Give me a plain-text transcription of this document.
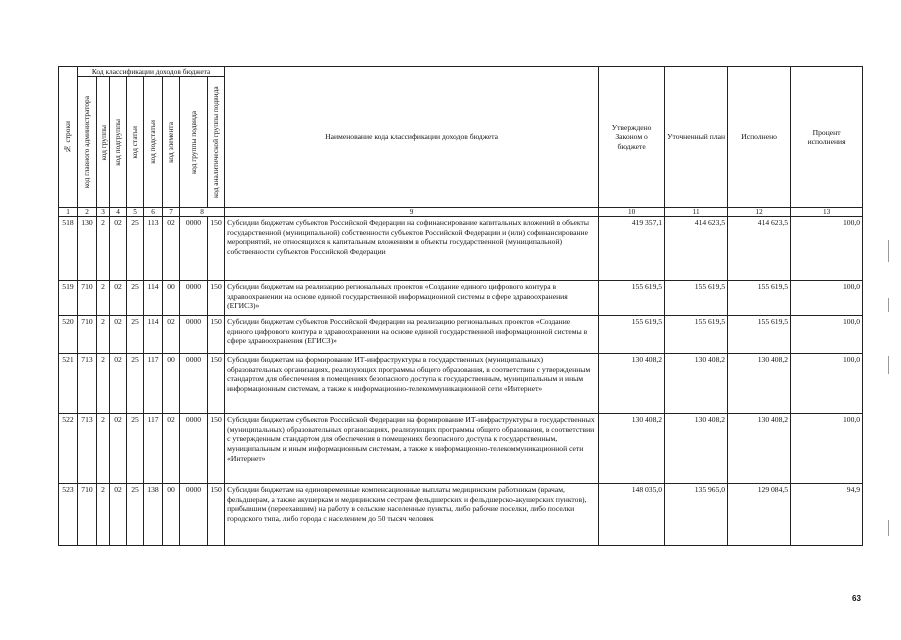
№ строки	Код классификации доходов бюджета								Наименование кода классификации доходов бюджета	Утверждено Законом о бюджете	Уточненный план	Исполнено	Процент исполнения

	код главного администратора	код группы	код подгруппы	код статьи	код подстатьи	код элемента	код группы подвида	код аналитической группы подвида					

1	2	3	4	5	6	7	8		9	10	11	12	13
518	130	2	02	25	113	02	0000	150	Субсидии бюджетам субъектов Российской Федерации на софинансирование капитальных вложений в объекты государственной (муниципальной) собственности субъектов Российской Федерации и (или) софинансирование мероприятий, не относящихся к капитальным вложениям в объекты государственной (муниципальной) собственности субъектов Российской Федерации	419 357,1	414 623,5	414 623,5	100,0
519	710	2	02	25	114	00	0000	150	Субсидии бюджетам на реализацию региональных проектов «Создание единого цифрового контура в здравоохранении на основе единой государственной информационной системы в сфере здравоохранения (ЕГИСЗ)»	155 619,5	155 619,5	155 619,5	100,0
520	710	2	02	25	114	02	0000	150	Субсидии бюджетам субъектов Российской Федерации на реализацию региональных проектов «Создание единого цифрового контура в здравоохранении на основе единой государственной информационной системы в сфере здравоохранения (ЕГИСЗ)»	155 619,5	155 619,5	155 619,5	100,0
521	713	2	02	25	117	00	0000	150	Субсидии бюджетам на формирование ИТ-инфраструктуры в государственных (муниципальных) образовательных организациях, реализующих программы общего образования, в соответствии с утвержденным стандартом для обеспечения в помещениях безопасного доступа к государственным, муниципальным и иным информационным системам, а также к информационно-телекоммуникационной сети «Интернет»	130 408,2	130 408,2	130 408,2	100,0
522	713	2	02	25	117	02	0000	150	Субсидии бюджетам субъектов Российской Федерации на формирование ИТ-инфраструктуры в государственных (муниципальных) образовательных организациях, реализующих программы общего образования, в соответствии с утвержденным стандартом для обеспечения в помещениях безопасного доступа к государственным, муниципальным и иным информационным системам, а также к информационно-телекоммуникационной сети «Интернет»	130 408,2	130 408,2	130 408,2	100,0
523	710	2	02	25	138	00	0000	150	Субсидии бюджетам на единовременные компенсационные выплаты медицинским работникам (врачам, фельдшерам, а также акушеркам и медицинским сестрам фельдшерских и фельдшерско-акушерских пунктов), прибывшим (переехавшим) на работу в сельские населенные пункты, либо рабочие поселки, либо поселки городского типа, либо города с населением до 50 тысяч человек	148 035,0	135 965,0	129 084,5	94,9
63
